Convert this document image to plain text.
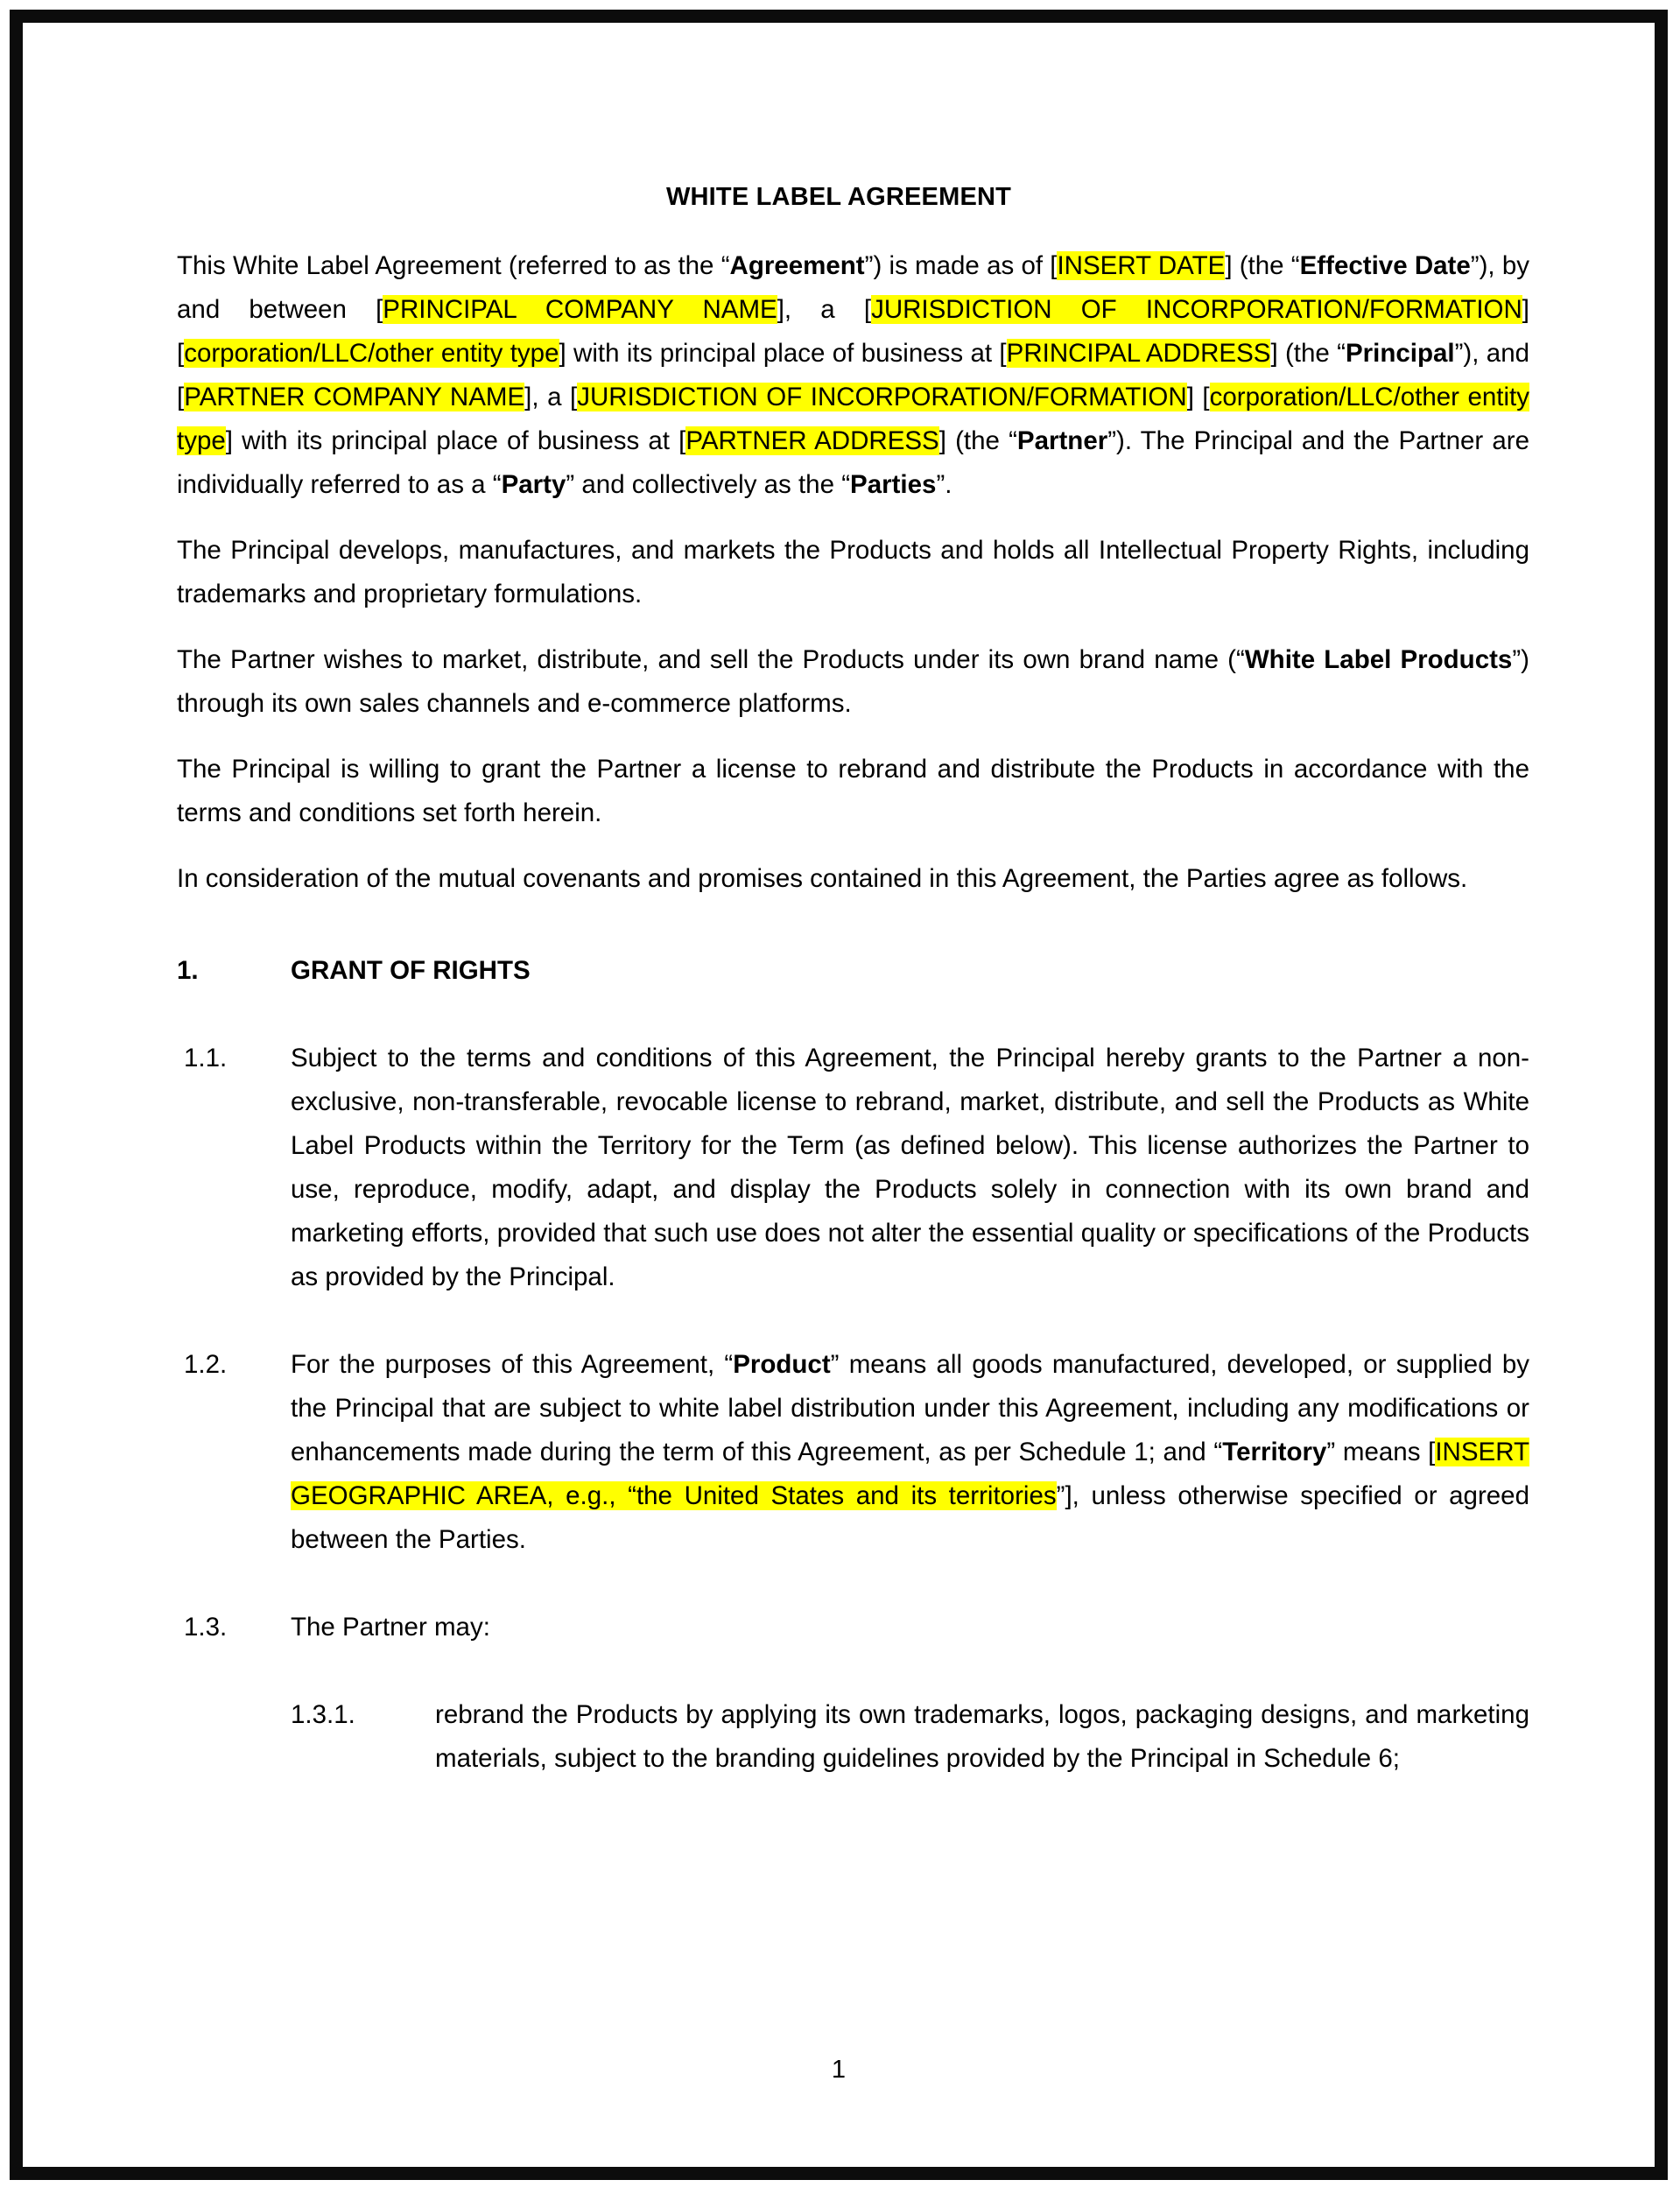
WHITE LABEL AGREEMENT

This White Label Agreement (referred to as the “Agreement”) is made as of [INSERT DATE] (the “Effective Date”), by and between [PRINCIPAL COMPANY NAME], a [JURISDICTION OF INCORPORATION/FORMATION] [corporation/LLC/other entity type] with its principal place of business at [PRINCIPAL ADDRESS] (the “Principal”), and [PARTNER COMPANY NAME], a [JURISDICTION OF INCORPORATION/FORMATION] [corporation/LLC/other entity type] with its principal place of business at [PARTNER ADDRESS] (the “Partner”). The Principal and the Partner are individually referred to as a “Party” and collectively as the “Parties”.

The Principal develops, manufactures, and markets the Products and holds all Intellectual Property Rights, including trademarks and proprietary formulations.

The Partner wishes to market, distribute, and sell the Products under its own brand name (“White Label Products”) through its own sales channels and e-commerce platforms.

The Principal is willing to grant the Partner a license to rebrand and distribute the Products in accordance with the terms and conditions set forth herein.

In consideration of the mutual covenants and promises contained in this Agreement, the Parties agree as follows.

1.	GRANT OF RIGHTS
1.1.	Subject to the terms and conditions of this Agreement, the Principal hereby grants to the Partner a non-exclusive, non-transferable, revocable license to rebrand, market, distribute, and sell the Products as White Label Products within the Territory for the Term (as defined below). This license authorizes the Partner to use, reproduce, modify, adapt, and display the Products solely in connection with its own brand and marketing efforts, provided that such use does not alter the essential quality or specifications of the Products as provided by the Principal.
1.2.	For the purposes of this Agreement, “Product” means all goods manufactured, developed, or supplied by the Principal that are subject to white label distribution under this Agreement, including any modifications or enhancements made during the term of this Agreement, as per Schedule 1; and “Territory” means [INSERT GEOGRAPHIC AREA, e.g., “the United States and its territories”], unless otherwise specified or agreed between the Parties.
1.3.	The Partner may:
1.3.1.	rebrand the Products by applying its own trademarks, logos, packaging designs, and marketing materials, subject to the branding guidelines provided by the Principal in Schedule 6;
1
